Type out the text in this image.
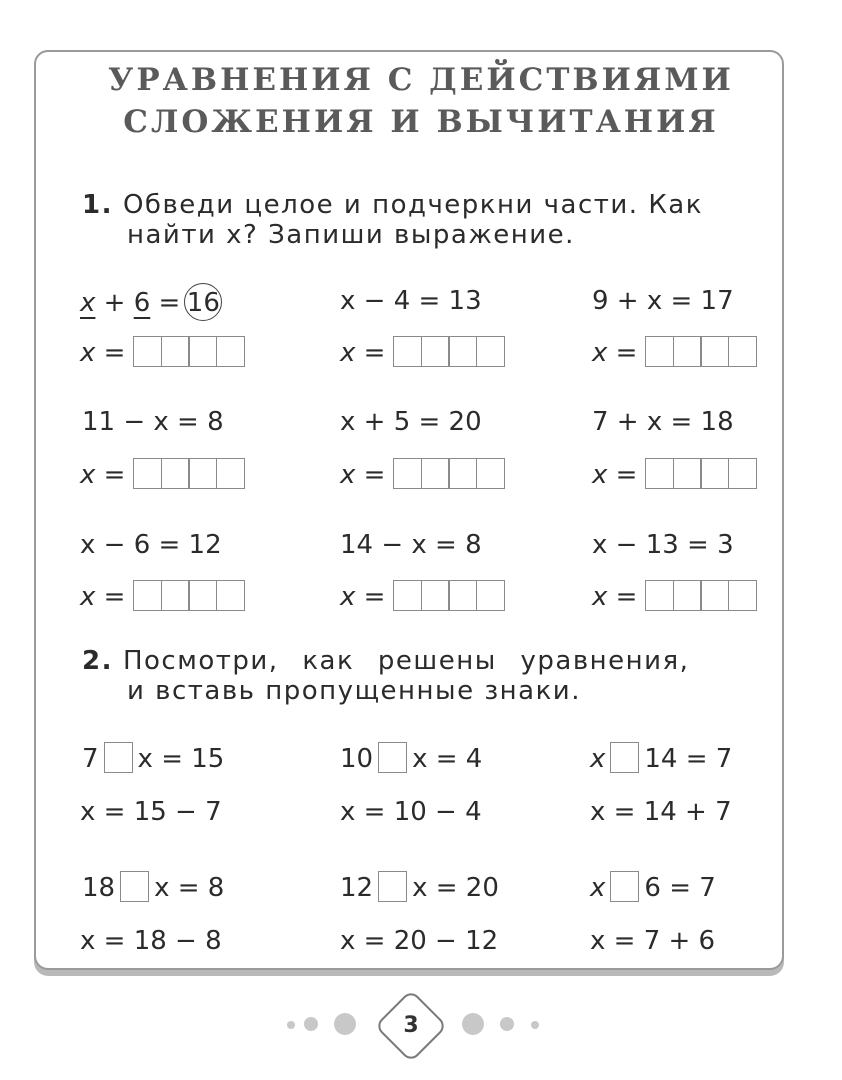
УРАВНЕНИЯ С ДЕЙСТВИЯМИ
СЛОЖЕНИЯ И ВЫЧИТАНИЯ
1. Обведи целое и подчеркни части. Как
найти x? Запиши выражение.
x + 6 = 16	x − 4 = 13	9 + x = 17
x =	x =	x =
11 − x = 8	x + 5 = 20	7 + x = 18
x =	x =	x =
x − 6 = 12	14 − x = 8	x − 13 = 3
x =	x =	x =
2. Посмотри, как решены уравнения,
и вставь пропущенные знаки.
7 x = 15	10 x = 4	x 14 = 7
x = 15 − 7	x = 10 − 4	x = 14 + 7
18 x = 8	12 x = 20	x 6 = 7
x = 18 − 8	x = 20 − 12	x = 7 + 6
3
